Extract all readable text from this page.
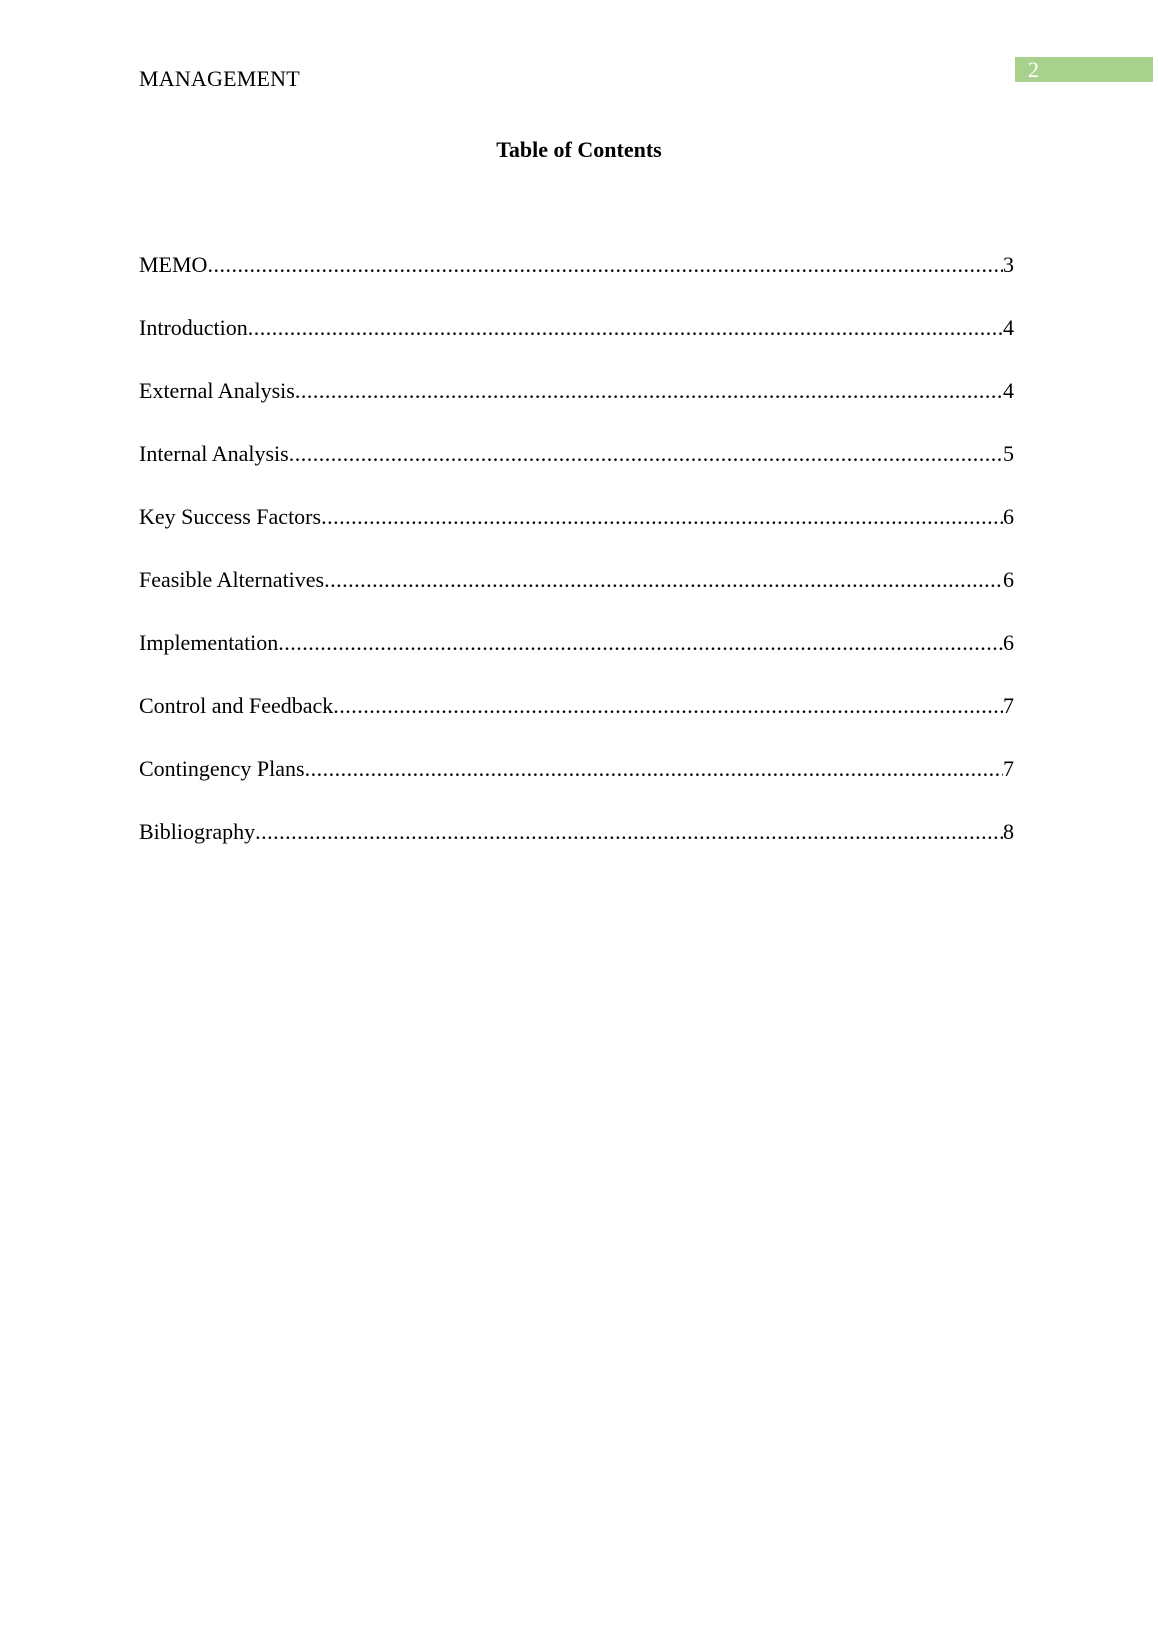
MANAGEMENT	2
Table of Contents
MEMO .....	3
Introduction .....	4
External Analysis .....	4
Internal Analysis .....	5
Key Success Factors .....	6
Feasible Alternatives .....	6
Implementation .....	6
Control and Feedback .....	7
Contingency Plans .....	7
Bibliography .....	8
